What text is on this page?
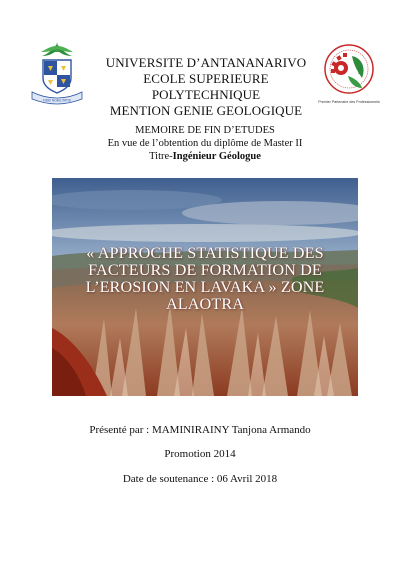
FIDEI NOBILITATIS
UNIVERSITE D’ANTANANARIVO
ECOLE SUPERIEURE POLYTECHNIQUE
MENTION GENIE GEOLOGIQUE
P
Premier Partenaire des Professionnels
MEMOIRE DE FIN D’ETUDES
En vue de l’obtention du diplôme de Master II
Titre-Ingénieur Géologue
« APPROCHE STATISTIQUE DES
FACTEURS DE FORMATION DE
L’EROSION EN LAVAKA » ZONE
ALAOTRA
Présenté par : MAMINIRAINY Tanjona Armando
Promotion 2014
Date de soutenance : 06 Avril 2018
